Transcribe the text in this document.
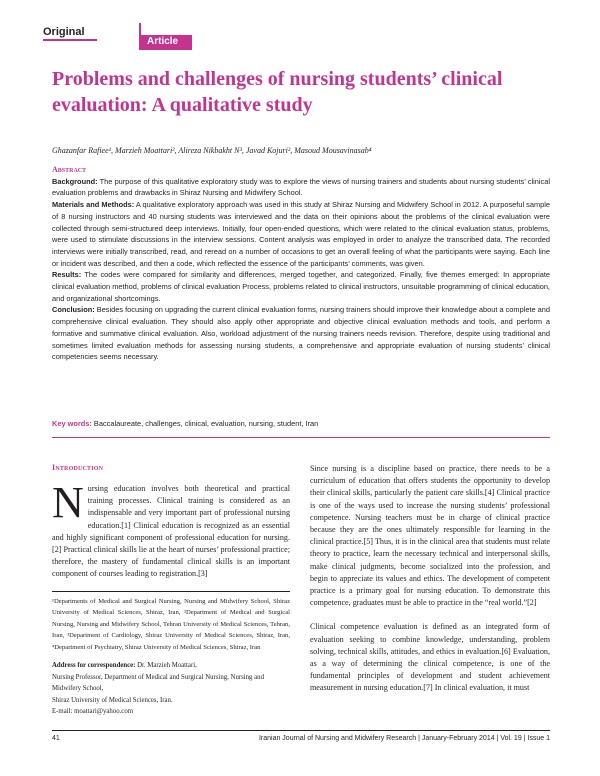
Original
Article
Problems and challenges of nursing students’ clinical evaluation: A qualitative study
Ghazanfar Rafiee¹, Marzieh Moattari², Alireza Nikbakht N³, Javad Kojuri², Masoud Mousavinasab⁴
Abstract

Background: The purpose of this qualitative exploratory study was to explore the views of nursing trainers and students about nursing students’ clinical evaluation problems and drawbacks in Shiraz Nursing and Midwifery School.

Materials and Methods: A qualitative exploratory approach was used in this study at Shiraz Nursing and Midwifery School in 2012. A purposeful sample of 8 nursing instructors and 40 nursing students was interviewed and the data on their opinions about the problems of the clinical evaluation were collected through semi-structured deep interviews. Initially, four open-ended questions, which were related to the clinical evaluation status, problems, were used to stimulate discussions in the interview sessions. Content analysis was employed in order to analyze the transcribed data. The recorded interviews were initially transcribed, read, and reread on a number of occasions to get an overall feeling of what the participants were saying. Each line or incident was described, and then a code, which reflected the essence of the participants’ comments, was given.

Results: The codes were compared for similarity and differences, merged together, and categorized. Finally, five themes emerged: In appropriate clinical evaluation method, problems of clinical evaluation Process, problems related to clinical instructors, unsuitable programming of clinical education, and organizational shortcomings.

Conclusion: Besides focusing on upgrading the current clinical evaluation forms, nursing trainers should improve their knowledge about a complete and comprehensive clinical evaluation. They should also apply other appropriate and objective clinical evaluation methods and tools, and perform a formative and summative clinical evaluation. Also, workload adjustment of the nursing trainers needs revision. Therefore, despite using traditional and sometimes limited evaluation methods for assessing nursing students, a comprehensive and appropriate evaluation of nursing students’ clinical competencies seems necessary.

Key words: Baccalaureate, challenges, clinical, evaluation, nursing, student, Iran
Introduction
Nursing education involves both theoretical and practical training processes. Clinical training is considered as an indispensable and very important part of professional nursing education.[1] Clinical education is recognized as an essential and highly significant component of professional education for nursing.[2] Practical clinical skills lie at the heart of nurses’ professional practice; therefore, the mastery of fundamental clinical skills is an important component of courses leading to registration.[3]
¹Departments of Medical and Surgical Nursing, Nursing and Midwifery School, Shiraz University of Medical Sciences, Shiraz, Iran, ²Department of Medical and Surgical Nursing, Nursing and Midwifery School, Tehran University of Medical Sciences, Tehran, Iran, ³Department of Cardiology, Shiraz University of Medical Sciences, Shiraz, Iran, ⁴Department of Psychiatry, Shiraz University of Medical Sciences, Shiraz, Iran
Address for correspondence: Dr. Marzieh Moattari,
Nursing Professor, Department of Medical and Surgical Nursing, Nursing and Midwifery School,
Shiraz University of Medical Sciences, Iran.
E-mail: moattari@yahoo.com
Since nursing is a discipline based on practice, there needs to be a curriculum of education that offers students the opportunity to develop their clinical skills, particularly the patient care skills.[4] Clinical practice is one of the ways used to increase the nursing students’ professional competence. Nursing teachers must be in charge of clinical practice because they are the ones ultimately responsible for learning in the clinical practice.[5] Thus, it is in the clinical area that students must relate theory to practice, learn the necessary technical and interpersonal skills, make clinical judgments, become socialized into the profession, and begin to appreciate its values and ethics. The development of competent practice is a primary goal for nursing education. To demonstrate this competence, graduates must be able to practice in the “real world.”[2]
Clinical competence evaluation is defined as an integrated form of evaluation seeking to combine knowledge, understanding, problem solving, technical skills, attitudes, and ethics in evaluation.[6] Evaluation, as a way of determining the clinical competence, is one of the fundamental principles of development and student achievement measurement in nursing education.[7] In clinical evaluation, it must
41	Iranian Journal of Nursing and Midwifery Research | January-February 2014 | Vol. 19 | Issue 1
